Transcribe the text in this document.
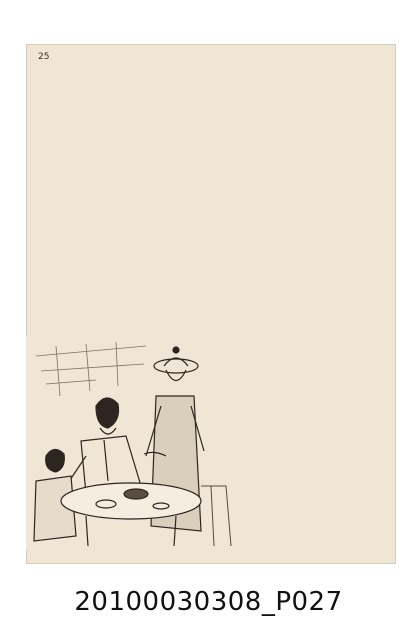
25
20100030308_P027
